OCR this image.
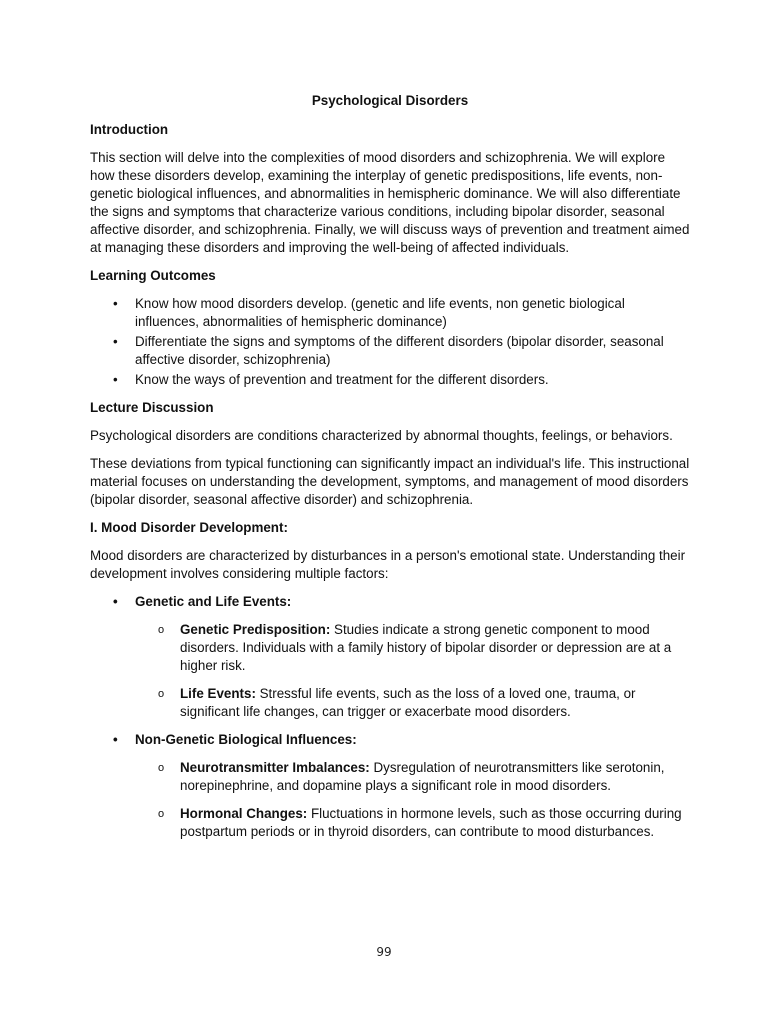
Psychological Disorders
Introduction

This section will delve into the complexities of mood disorders and schizophrenia. We will explore how these disorders develop, examining the interplay of genetic predispositions, life events, non-genetic biological influences, and abnormalities in hemispheric dominance. We will also differentiate the signs and symptoms that characterize various conditions, including bipolar disorder, seasonal affective disorder, and schizophrenia. Finally, we will discuss ways of prevention and treatment aimed at managing these disorders and improving the well-being of affected individuals.

Learning Outcomes
• Know how mood disorders develop. (genetic and life events, non genetic biological influences, abnormalities of hemispheric dominance)
• Differentiate the signs and symptoms of the different disorders (bipolar disorder, seasonal affective disorder, schizophrenia)
• Know the ways of prevention and treatment for the different disorders.
Lecture Discussion

Psychological disorders are conditions characterized by abnormal thoughts, feelings, or behaviors.

These deviations from typical functioning can significantly impact an individual's life. This instructional material focuses on understanding the development, symptoms, and management of mood disorders (bipolar disorder, seasonal affective disorder) and schizophrenia.

I. Mood Disorder Development:

Mood disorders are characterized by disturbances in a person's emotional state. Understanding their development involves considering multiple factors:

• Genetic and Life Events:
o Genetic Predisposition: Studies indicate a strong genetic component to mood disorders. Individuals with a family history of bipolar disorder or depression are at a higher risk.
o Life Events: Stressful life events, such as the loss of a loved one, trauma, or significant life changes, can trigger or exacerbate mood disorders.
• Non-Genetic Biological Influences:
o Neurotransmitter Imbalances: Dysregulation of neurotransmitters like serotonin, norepinephrine, and dopamine plays a significant role in mood disorders.
o Hormonal Changes: Fluctuations in hormone levels, such as those occurring during postpartum periods or in thyroid disorders, can contribute to mood disturbances.
99
